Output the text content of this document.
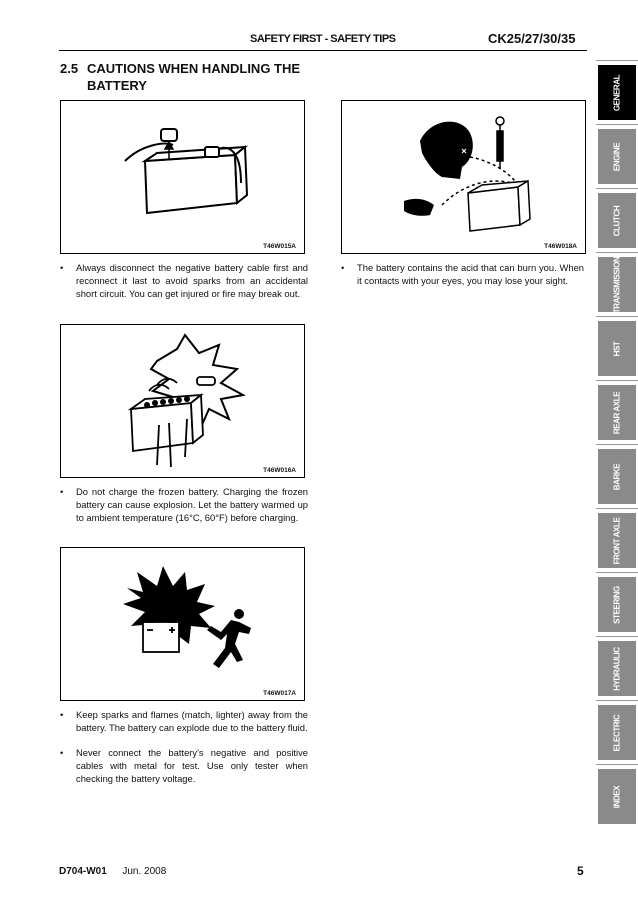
SAFETY FIRST - SAFETY TIPS	CK25/27/30/35
2.5 CAUTIONS WHEN HANDLING THE BATTERY
T46W015A	T46W018A
• Always disconnect the negative battery cable first and reconnect it last to avoid sparks from an accidental short circuit. You can get injured or fire may break out.
• The battery contains the acid that can burn you. When it contacts with your eyes, you may lose your sight.
T46W016A
• Do not charge the frozen battery. Charging the frozen battery can cause explosion. Let the battery warmed up to ambient temperature (16°C, 60°F) before charging.
T46W017A
• Keep sparks and flames (match, lighter) away from the battery. The battery can explode due to the battery fluid.
• Never connect the battery's negative and positive cables with metal for test. Use only tester when checking the battery voltage.
GENERAL
ENGINE
CLUTCH
TRANSMISSION
HST
REAR AXLE
BARKE
FRONT AXLE
STEERING
HYDRAULIC
ELECTRIC
INDEX
D704-W01 Jun. 2008	5
